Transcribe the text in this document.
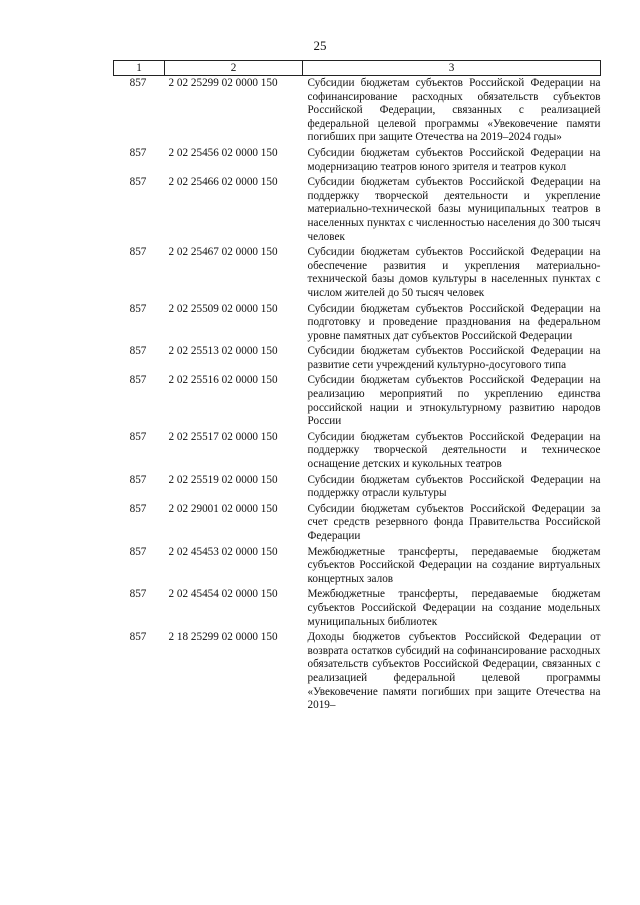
25
1	2	3
857	2 02 25299 02 0000 150	Субсидии бюджетам субъектов Российской Федерации на софинансирование расходных обязательств субъектов Российской Федерации, связанных с реализацией федеральной целевой программы «Увековечение памяти погибших при защите Отечества на 2019–2024 годы»
857	2 02 25456 02 0000 150	Субсидии бюджетам субъектов Российской Федерации на модернизацию театров юного зрителя и театров кукол
857	2 02 25466 02 0000 150	Субсидии бюджетам субъектов Российской Федерации на поддержку творческой деятельности и укрепление материально-технической базы муниципальных театров в населенных пунктах с численностью населения до 300 тысяч человек
857	2 02 25467 02 0000 150	Субсидии бюджетам субъектов Российской Федерации на обеспечение развития и укрепления материально-технической базы домов культуры в населенных пунктах с числом жителей до 50 тысяч человек
857	2 02 25509 02 0000 150	Субсидии бюджетам субъектов Российской Федерации на подготовку и проведение празднования на федеральном уровне памятных дат субъектов Российской Федерации
857	2 02 25513 02 0000 150	Субсидии бюджетам субъектов Российской Федерации на развитие сети учреждений культурно-досугового типа
857	2 02 25516 02 0000 150	Субсидии бюджетам субъектов Российской Федерации на реализацию мероприятий по укреплению единства российской нации и этнокультурному развитию народов России
857	2 02 25517 02 0000 150	Субсидии бюджетам субъектов Российской Федерации на поддержку творческой деятельности и техническое оснащение детских и кукольных театров
857	2 02 25519 02 0000 150	Субсидии бюджетам субъектов Российской Федерации на поддержку отрасли культуры
857	2 02 29001 02 0000 150	Субсидии бюджетам субъектов Российской Федерации за счет средств резервного фонда Правительства Российской Федерации
857	2 02 45453 02 0000 150	Межбюджетные трансферты, передаваемые бюджетам субъектов Российской Федерации на создание виртуальных концертных залов
857	2 02 45454 02 0000 150	Межбюджетные трансферты, передаваемые бюджетам субъектов Российской Федерации на создание модельных муниципальных библиотек
857	2 18 25299 02 0000 150	Доходы бюджетов субъектов Российской Федерации от возврата остатков субсидий на софинансирование расходных обязательств субъектов Российской Федерации, связанных с реализацией федеральной целевой программы «Увековечение памяти погибших при защите Отечества на 2019–
